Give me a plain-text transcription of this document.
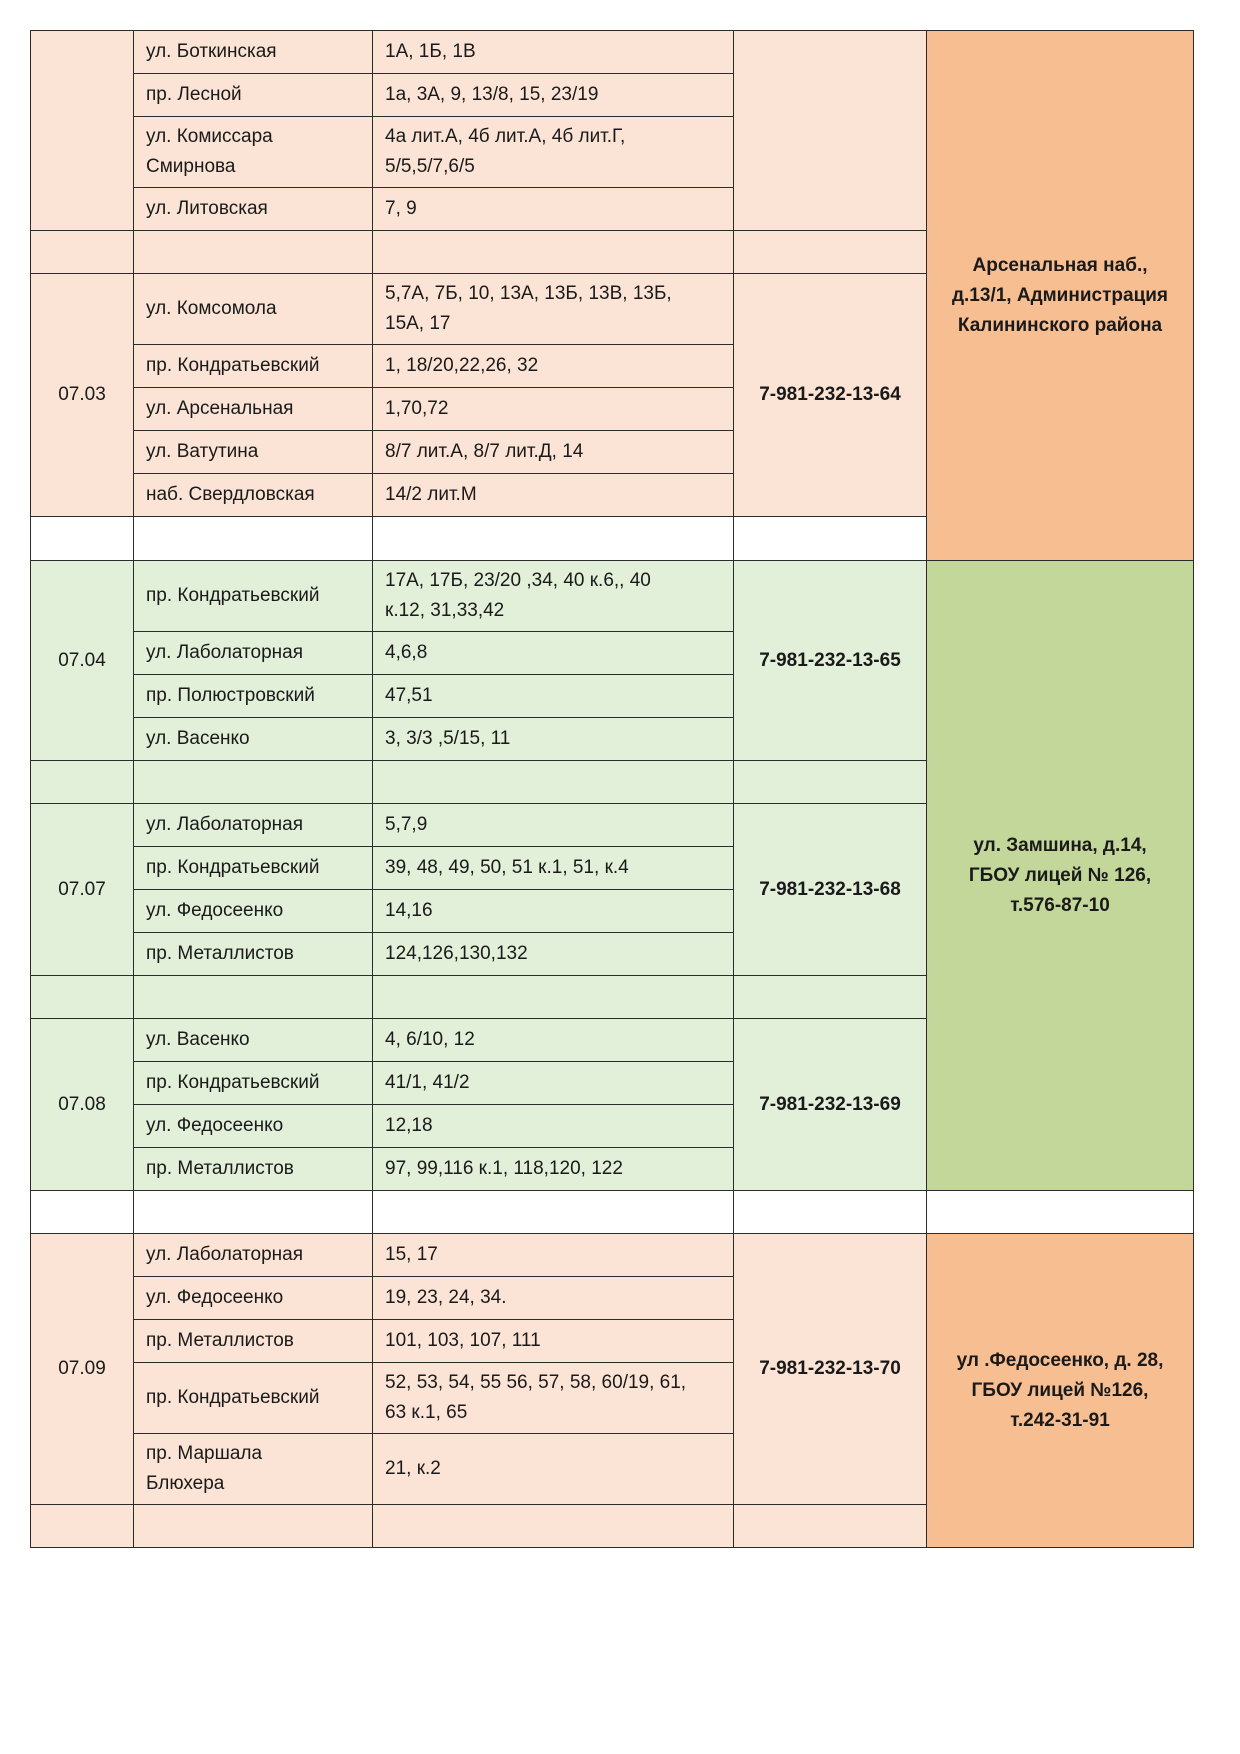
	ул. Боткинская	1А, 1Б, 1В		Арсенальная наб.,
д.13/1, Администрация
Калининского района	
	пр. Лесной	1а, 3А, 9, 13/8, 15, 23/19			
	ул. Комиссара
Смирнова	4а лит.А, 4б лит.А, 4б лит.Г,
5/5,5/7,6/5			
	ул. Литовская	7, 9			

07.03	ул. Комсомола	5,7А, 7Б, 10, 13А, 13Б, 13В, 13Б,
15А, 17	7-981-232-13-64		
	пр. Кондратьевский	1, 18/20,22,26, 32			
	ул. Арсенальная	1,70,72			
	ул. Ватутина	8/7 лит.А, 8/7 лит.Д, 14			
	наб. Свердловская	14/2 лит.М			

07.04	пр. Кондратьевский	17А, 17Б, 23/20 ,34, 40 к.6,, 40
к.12, 31,33,42	7-981-232-13-65	ул. Замшина, д.14,
ГБОУ лицей № 126,
т.576-87-10	
	ул. Лаболаторная	4,6,8			
	пр. Полюстровский	47,51			
	ул. Васенко	3, 3/3 ,5/15, 11			

07.07	ул. Лаболаторная	5,7,9	7-981-232-13-68		
	пр. Кондратьевский	39, 48, 49, 50, 51 к.1, 51, к.4			
	ул. Федосеенко	14,16			
	пр. Металлистов	124,126,130,132			

07.08	ул. Васенко	4, 6/10, 12	7-981-232-13-69		
	пр. Кондратьевский	41/1, 41/2			
	ул. Федосеенко	12,18			
	пр. Металлистов	97, 99,116 к.1, 118,120, 122			

07.09	ул. Лаболаторная	15, 17	7-981-232-13-70	ул .Федосеенко, д. 28,
ГБОУ лицей №126,
т.242-31-91	
	ул. Федосеенко	19, 23, 24, 34.			
	пр. Металлистов	101, 103, 107, 111			
	пр. Кондратьевский	52, 53, 54, 55 56, 57, 58, 60/19, 61,
63 к.1, 65			
	пр. Маршала
Блюхера	21, к.2			
